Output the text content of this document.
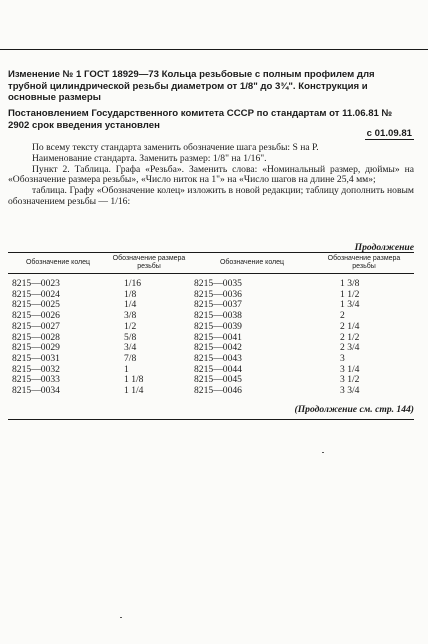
Изменение № 1 ГОСТ 18929—73 Кольца резьбовые с полным профилем для трубной цилиндрической резьбы диаметром от 1/8" до 3¾". Конструкция и основные размеры
Постановлением Государственного комитета СССР по стандартам от 11.06.81 № 2902 срок введения установлен
с 01.09.81

По всему тексту стандарта заменить обозначение шага резьбы: S на P.

Наименование стандарта. Заменить размер: 1/8" на 1/16".

Пункт 2. Таблица. Графа «Резьба». Заменить слова: «Номинальный размер, дюймы» на «Обозначение размера резьбы», «Число ниток на 1"» на «Число шагов на длине 25,4 мм»;

таблица. Графу «Обозначение колец» изложить в новой редакции; таблицу дополнить новым обозначением резьбы — 1/16:

Продолжение
Обозначение колец	Обозначение размера резьбы	Обозначение колец	Обозначение размера резьбы

8215—0023	1/16	8215—0035	1 3/8
8215—0024	1/8	8215—0036	1 1/2
8215—0025	1/4	8215—0037	1 3/4
8215—0026	3/8	8215—0038	2
8215—0027	1/2	8215—0039	2 1/4
8215—0028	5/8	8215—0041	2 1/2
8215—0029	3/4	8215—0042	2 3/4
8215—0031	7/8	8215—0043	3
8215—0032	1	8215—0044	3 1/4
8215—0033	1 1/8	8215—0045	3 1/2
8215—0034	1 1/4	8215—0046	3 3/4
(Продолжение см. стр. 144)
